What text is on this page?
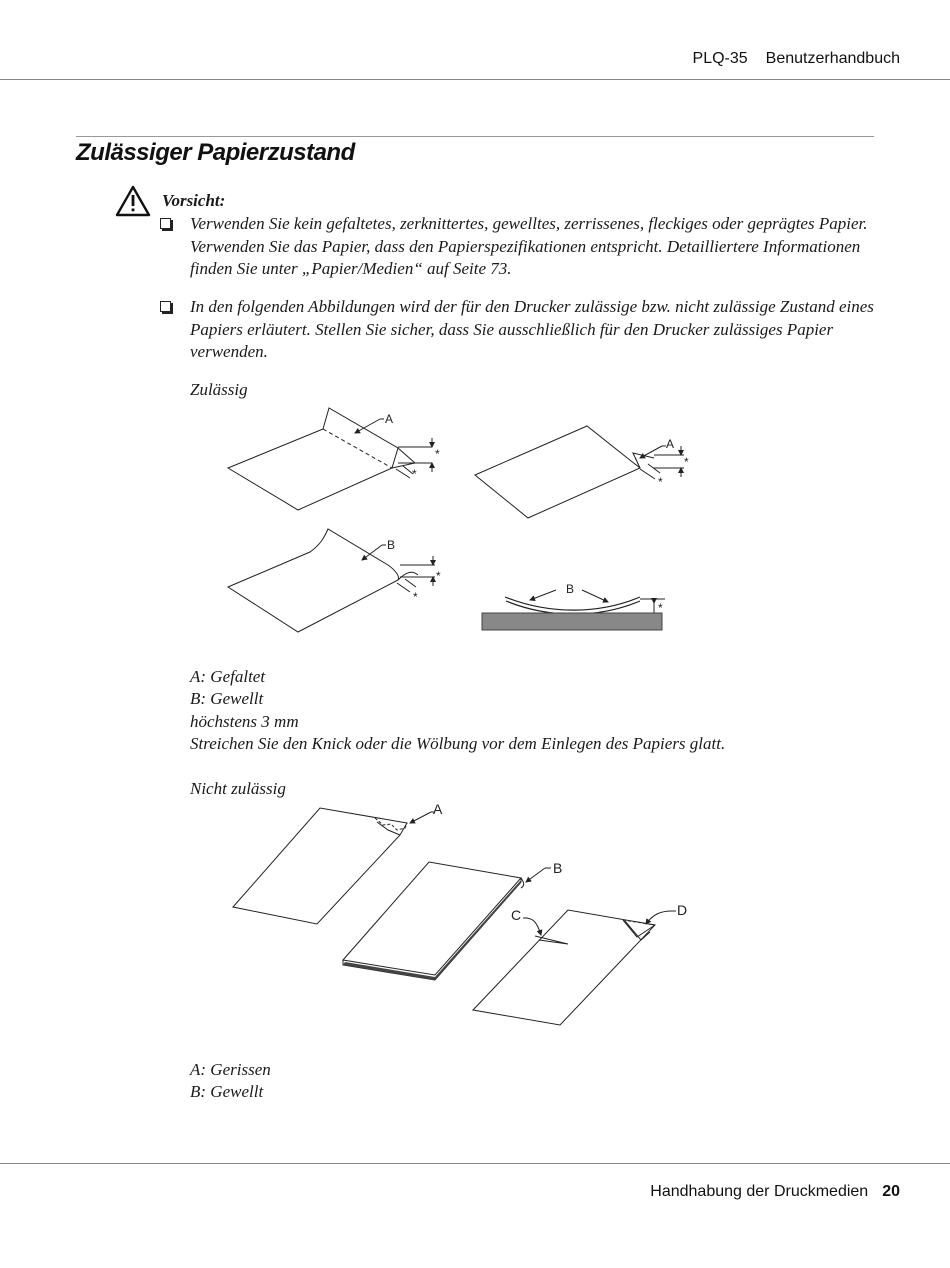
PLQ-35 Benutzerhandbuch
Zulässiger Papierzustand
Vorsicht:
Verwenden Sie kein gefaltetes, zerknittertes, gewelltes, zerrissenes, fleckiges oder geprägtes Papier. Verwenden Sie das Papier, dass den Papierspezifikationen entspricht. Detailliertere Informationen finden Sie unter „Papier/Medien“ auf Seite 73.
In den folgenden Abbildungen wird der für den Drucker zulässige bzw. nicht zulässige Zustand eines Papiers erläutert. Stellen Sie sicher, dass Sie ausschließlich für den Drucker zulässiges Papier verwenden.
Zulässig
A
A
B
B
*
*
*
*
*
*
*
A: Gefaltet
B: Gewellt
höchstens 3 mm
Streichen Sie den Knick oder die Wölbung vor dem Einlegen des Papiers glatt.
Nicht zulässig
A
B
C	D
A: Gerissen
B: Gewellt
Handhabung der Druckmedien 20
